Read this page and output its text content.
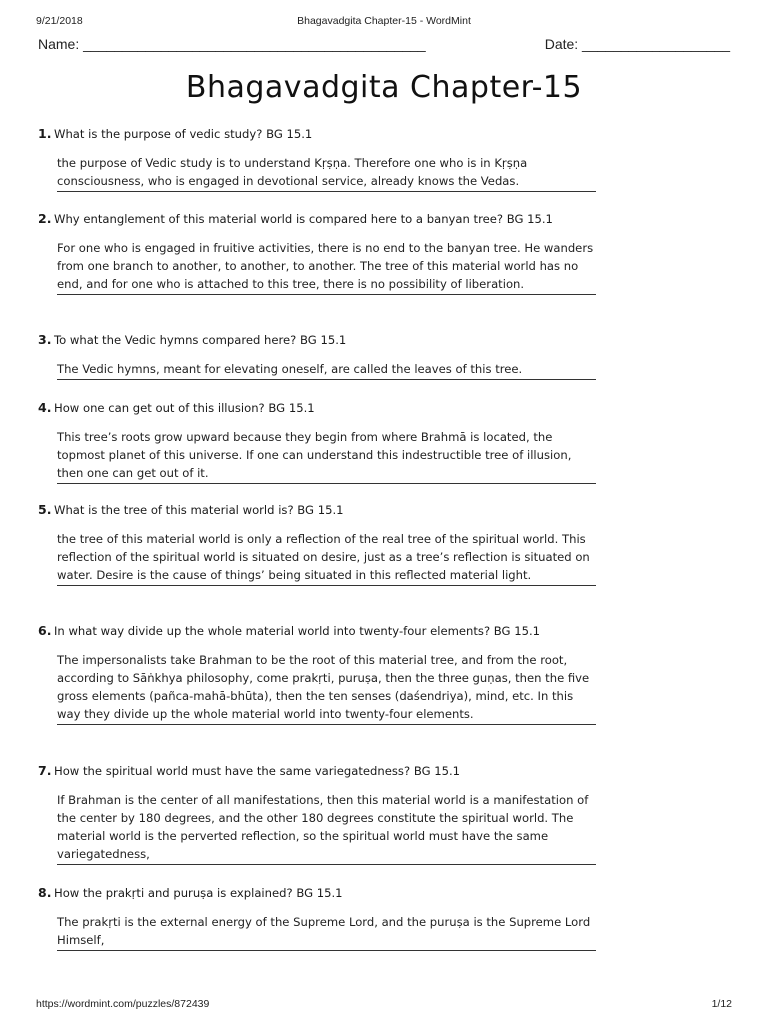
9/21/2018	Bhagavadgita Chapter-15 - WordMint
Name: ____________________________________________	Date: ___________________
Bhagavadgita Chapter-15
1. What is the purpose of vedic study? BG 15.1
the purpose of Vedic study is to understand Kṛṣṇa. Therefore one who is in Kṛṣṇa consciousness, who is engaged in devotional service, already knows the Vedas.
2. Why entanglement of this material world is compared here to a banyan tree? BG 15.1
For one who is engaged in fruitive activities, there is no end to the banyan tree. He wanders from one branch to another, to another, to another. The tree of this material world has no end, and for one who is attached to this tree, there is no possibility of liberation.
3. To what the Vedic hymns compared here? BG 15.1
The Vedic hymns, meant for elevating oneself, are called the leaves of this tree.
4. How one can get out of this illusion? BG 15.1
This tree’s roots grow upward because they begin from where Brahmā is located, the topmost planet of this universe. If one can understand this indestructible tree of illusion, then one can get out of it.
5. What is the tree of this material world is? BG 15.1
the tree of this material world is only a reflection of the real tree of the spiritual world. This reflection of the spiritual world is situated on desire, just as a tree’s reflection is situated on water. Desire is the cause of things’ being situated in this reflected material light.
6. In what way divide up the whole material world into twenty-four elements? BG 15.1
The impersonalists take Brahman to be the root of this material tree, and from the root, according to Sāṅkhya philosophy, come prakṛti, puruṣa, then the three guṇas, then the five gross elements (pañca-mahā-bhūta), then the ten senses (daśendriya), mind, etc. In this way they divide up the whole material world into twenty-four elements.
7. How the spiritual world must have the same variegatedness? BG 15.1
If Brahman is the center of all manifestations, then this material world is a manifestation of the center by 180 degrees, and the other 180 degrees constitute the spiritual world. The material world is the perverted reflection, so the spiritual world must have the same variegatedness,
8. How the prakṛti and puruṣa is explained? BG 15.1
The prakṛti is the external energy of the Supreme Lord, and the puruṣa is the Supreme Lord Himself,
https://wordmint.com/puzzles/872439	1/12
